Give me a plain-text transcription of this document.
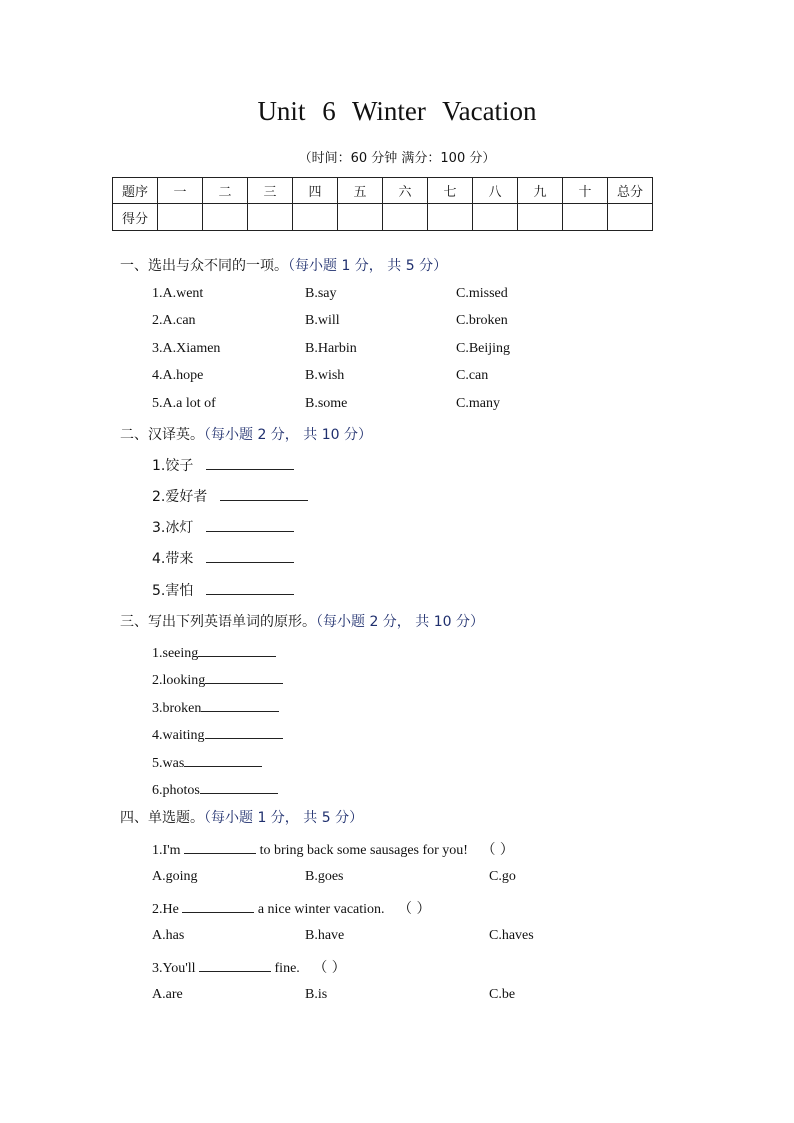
Unit 6 Winter Vacation
（时间：60 分钟 满分：100 分）
题序	一	二	三	四	五	六	七	八	九	十	总分
得分											
一、选出与众不同的一项。（每小题 1 分， 共 5 分）
1.A.went	B.say	C.missed
2.A.can	B.will	C.broken
3.A.Xiamen	B.Harbin	C.Beijing
4.A.hope	B.wish	C.can
5.A.a lot of	B.some	C.many
二、汉译英。（每小题 2 分， 共 10 分）
1.饺子
2.爱好者
3.冰灯
4.带来
5.害怕
三、写出下列英语单词的原形。（每小题 2 分， 共 10 分）
1.seeing
2.looking
3.broken
4.waiting
5.was
6.photos
四、单选题。（每小题 1 分， 共 5 分）
1.I'm	to bring back some sausages for you! （ ）
A.going	B.goes	C.go
2.He	a nice winter vacation. （ ）
A.has	B.have	C.haves
3.You'll	fine. （ ）
A.are	B.is	C.be
